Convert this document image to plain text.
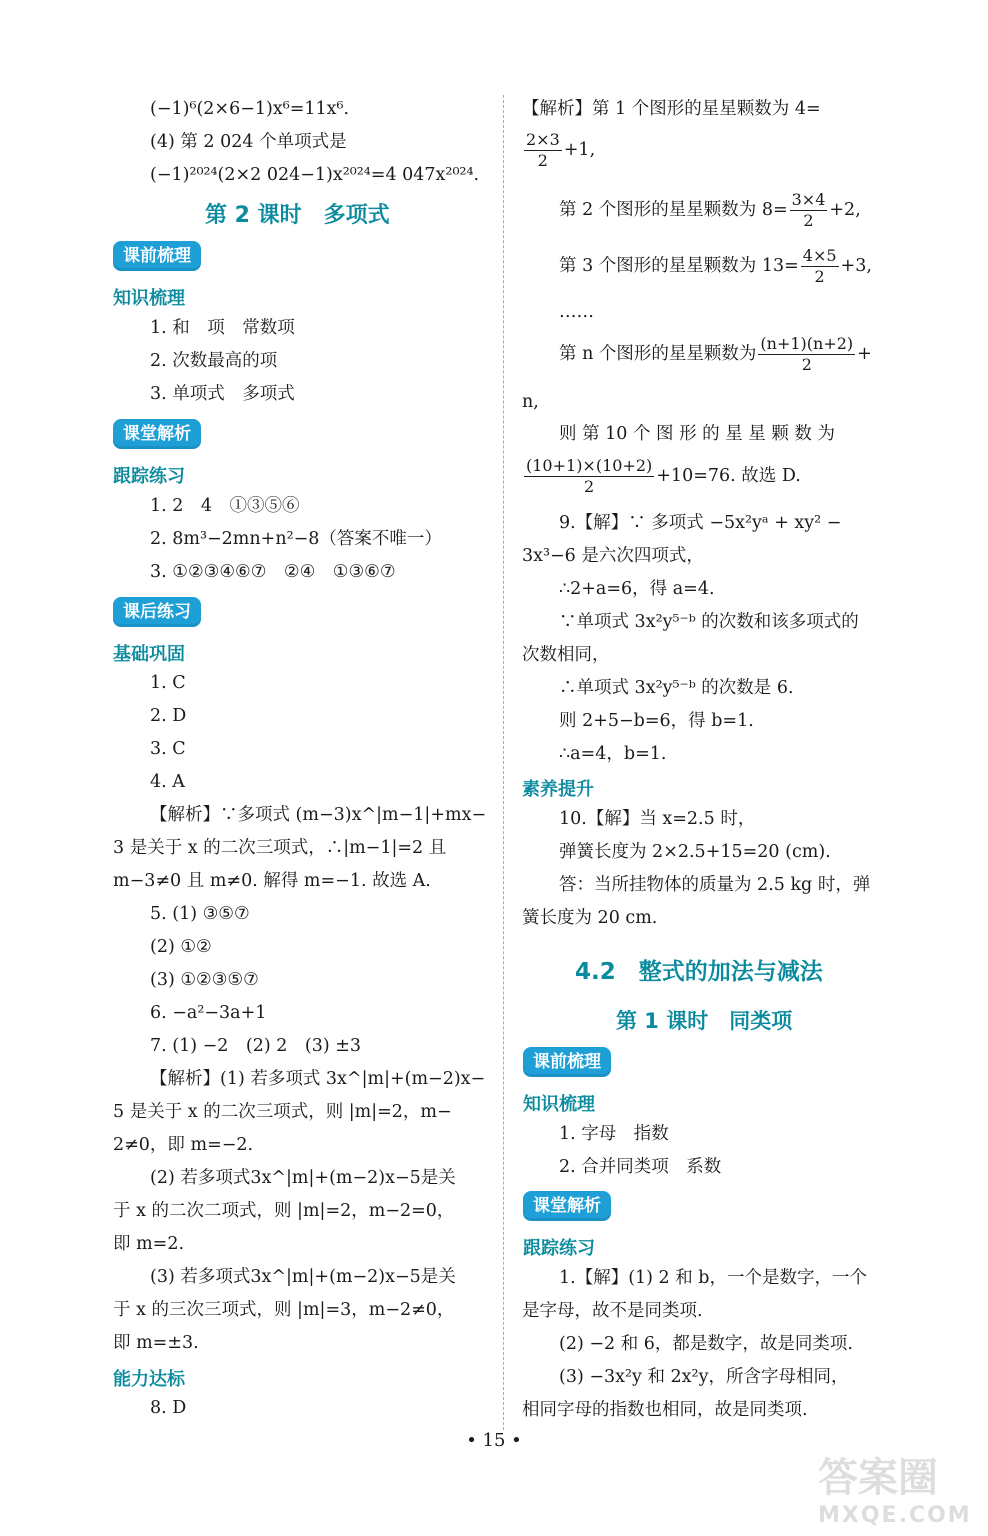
(−1)⁶(2×6−1)x⁶=11x⁶.
(4) 第 2 024 个单项式是
(−1)²⁰²⁴(2×2 024−1)x²⁰²⁴=4 047x²⁰²⁴.
第 2 课时　多项式
课前梳理
知识梳理
1. 和　项　常数项
2. 次数最高的项
3. 单项式　多项式
课堂解析
跟踪练习
1. 2　4　①③⑤⑥
2. 8m³−2mn+n²−8（答案不唯一）
3. ①②③④⑥⑦　②④　①③⑥⑦
课后练习
基础巩固
1. C
2. D
3. C
4. A
【解析】∵多项式 (m−3)x^|m−1|+mx−
3 是关于 x 的二次三项式，∴|m−1|=2 且
m−3≠0 且 m≠0. 解得 m=−1. 故选 A.
5. (1) ③⑤⑦
(2) ①②
(3) ①②③⑤⑦
6. −a²−3a+1
7. (1) −2　(2) 2　(3) ±3
【解析】(1) 若多项式 3x^|m|+(m−2)x−
5 是关于 x 的二次三项式，则 |m|=2，m−
2≠0，即 m=−2.
(2) 若多项式3x^|m|+(m−2)x−5是关
于 x 的二次二项式，则 |m|=2，m−2=0，
即 m=2.
(3) 若多项式3x^|m|+(m−2)x−5是关
于 x 的三次三项式，则 |m|=3，m−2≠0，
即 m=±3.
能力达标
8. D
【解析】第 1 个图形的星星颗数为 4=
$\frac{2\times 3}{2} +1$,
第 2 个图形的星星颗数为 $8= \frac{3\times 4}{2} +2$,
第 3 个图形的星星颗数为 $13= \frac{4\times 5}{2} +3$,
……
第 n 个图形的星星颗数为 $\frac{(n+1)(n+2)}{2}$ +
n,
则 第 10 个 图 形 的 星 星 颗 数 为
$\frac{(10+1)\times(10+2)}{2} +10=76$. 故选 D.
9.【解】∵ 多项式 −5x²yᵃ + xy² −
3x³−6 是六次四项式，
∴2+a=6，得 a=4.
∵单项式 3x²y⁵⁻ᵇ 的次数和该多项式的
次数相同，
∴单项式 3x²y⁵⁻ᵇ 的次数是 6.
则 2+5−b=6，得 b=1.
∴a=4，b=1.
素养提升
10.【解】当 x=2.5 时，
弹簧长度为 2×2.5+15=20 (cm).
答：当所挂物体的质量为 2.5 kg 时，弹
簧长度为 20 cm.
4.2　整式的加法与减法
第 1 课时　同类项
课前梳理
知识梳理
1. 字母　指数
2. 合并同类项　系数
课堂解析
跟踪练习
1.【解】(1) 2 和 b，一个是数字，一个
是字母，故不是同类项.
(2) −2 和 6，都是数字，故是同类项.
(3) −3x²y 和 2x²y，所含字母相同，
相同字母的指数也相同，故是同类项.
• 15 •
答案圈
MXQE.COM
